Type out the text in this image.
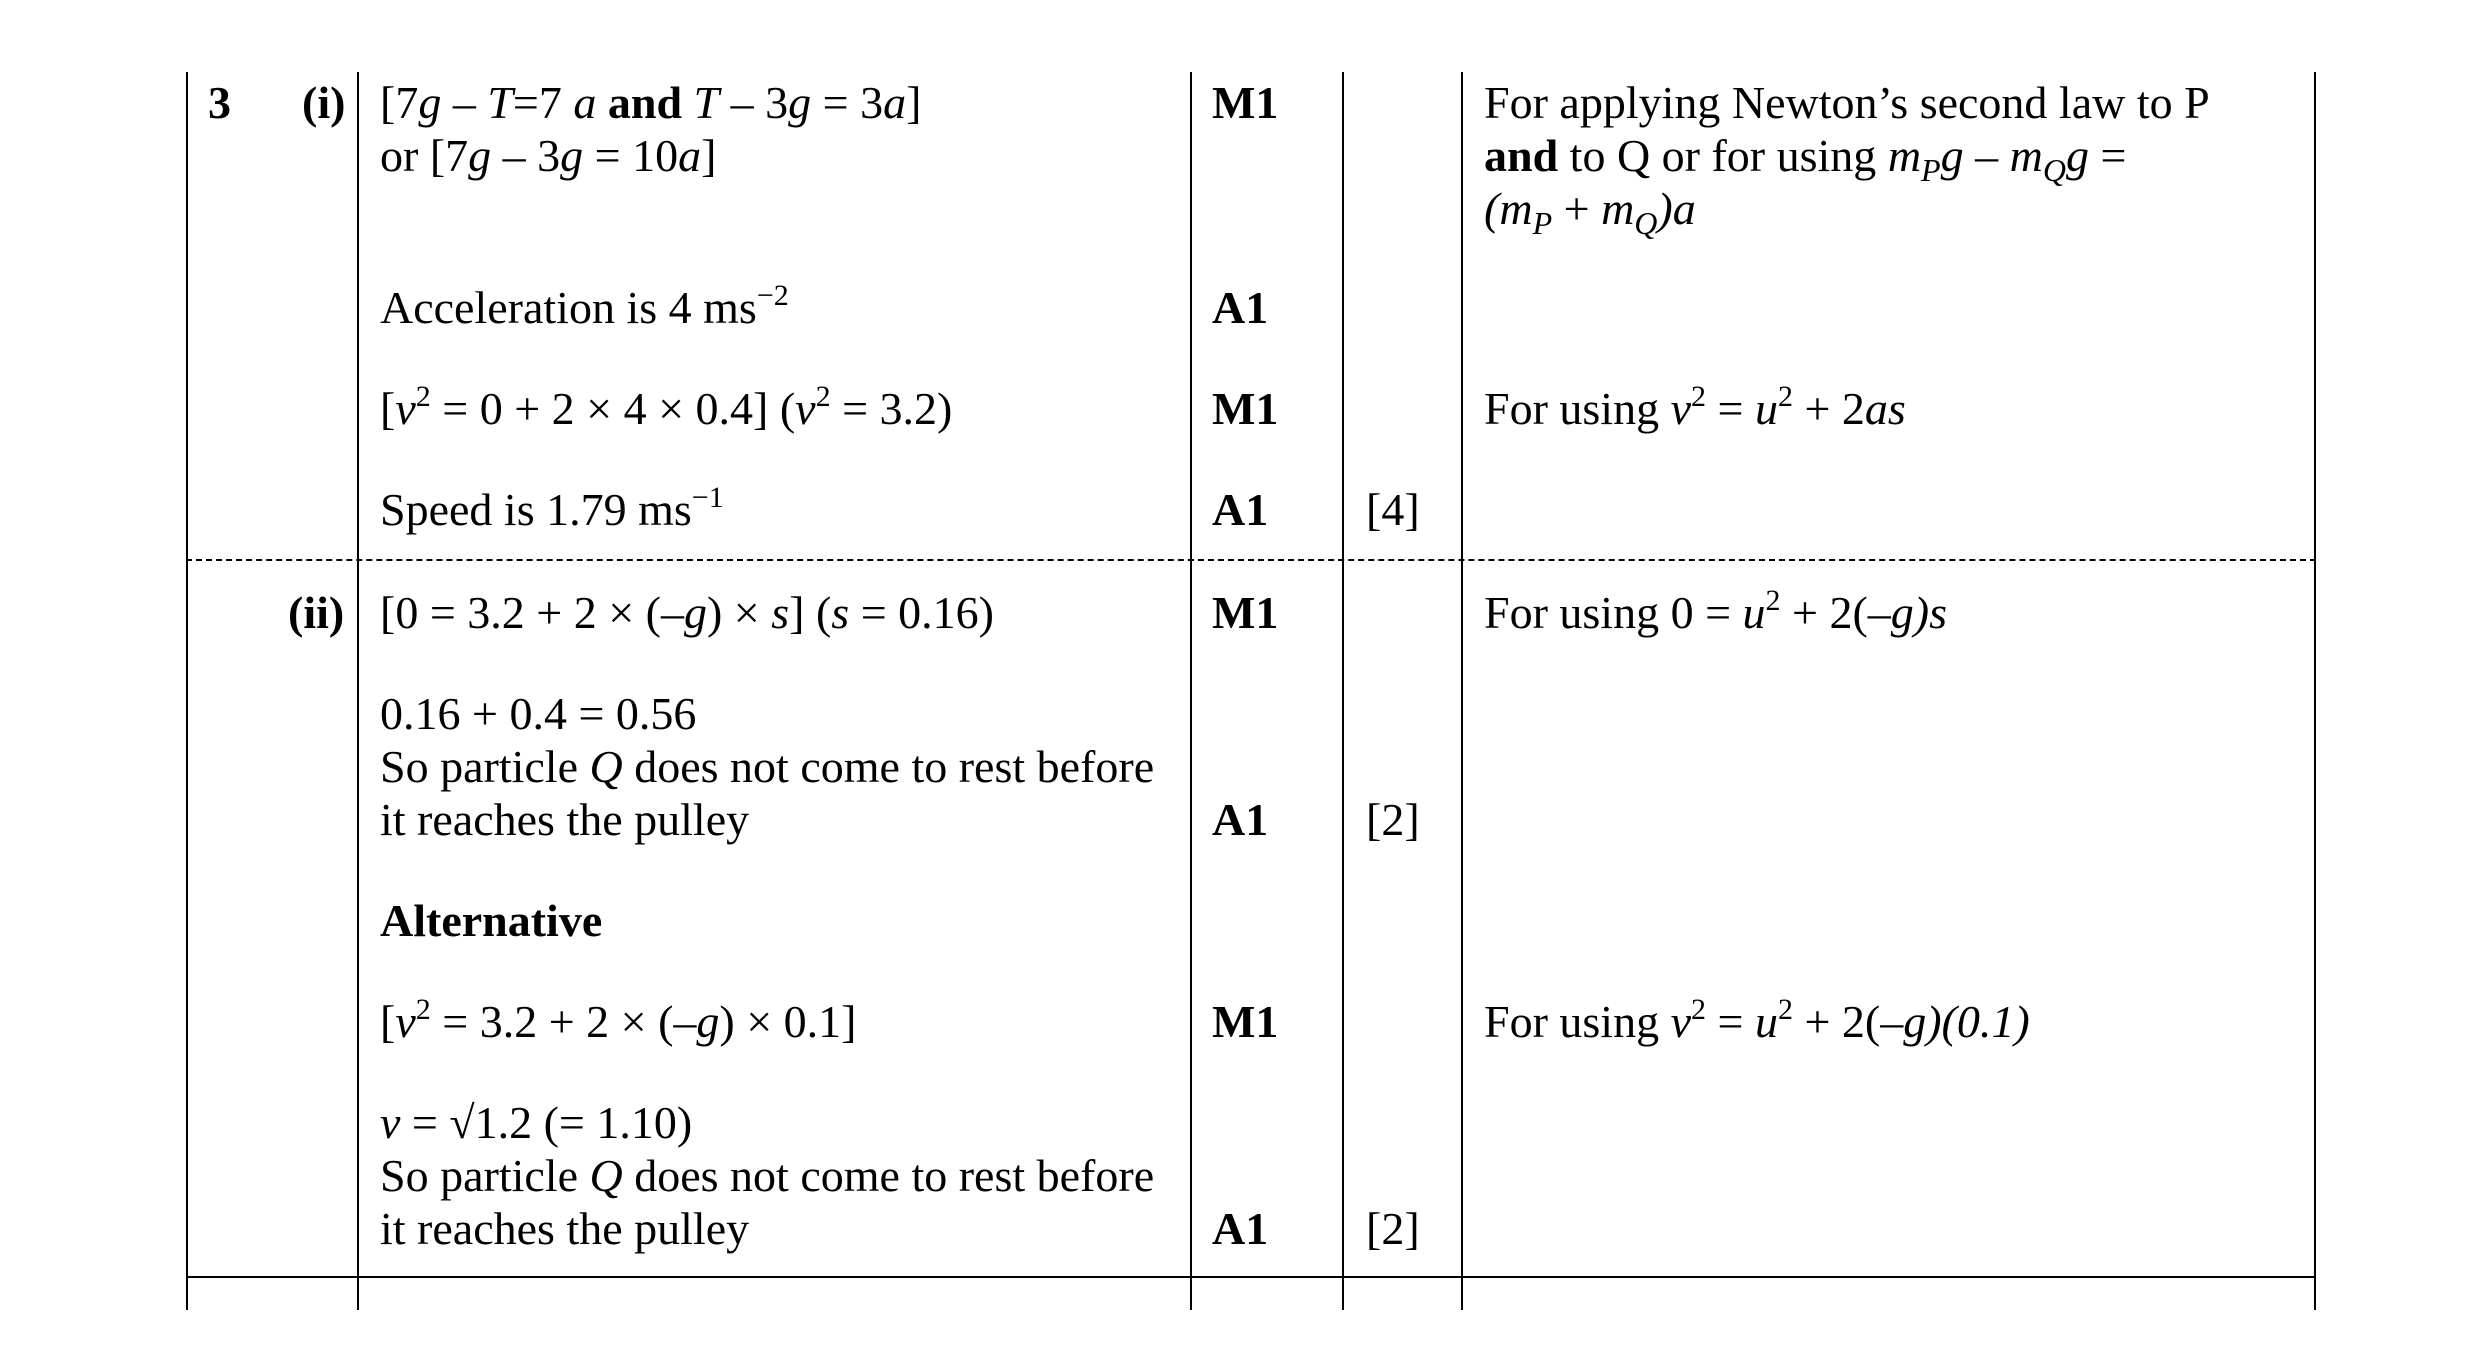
3 (i)
(ii)
[7g – T=7 a and T – 3g = 3a]
or [7g – 3g = 10a]
Acceleration is 4 $ms^{-2}$
$[v^2 = 0 + 2 \times 4 \times 0.4] (v^2 = 3.2)$
Speed is 1.79 $ms^{-1}$
[0 = 3.2 + 2 × (–g) × s] (s = 0.16)
0.16 + 0.4 = 0.56
So particle Q does not come to rest before
it reaches the pulley
Alternative
$[v^2 = 3.2 + 2 \times (-g) \times 0.1]$
v = √1.2 (= 1.10)
So particle Q does not come to rest before
it reaches the pulley
M1
A1
M1
A1
M1
A1
M1
A1
[4]
[2]
[2]
For applying Newton’s second law to P
and to Q or for using $m_Pg - m_Qg$ =
$(m_P + m_Q)a$
For using $v^2 = u^2 + 2as$
For using $0 = u^2 + 2(-g)s$
For using $v^2 = u^2 + 2(-g)(0.1)$
